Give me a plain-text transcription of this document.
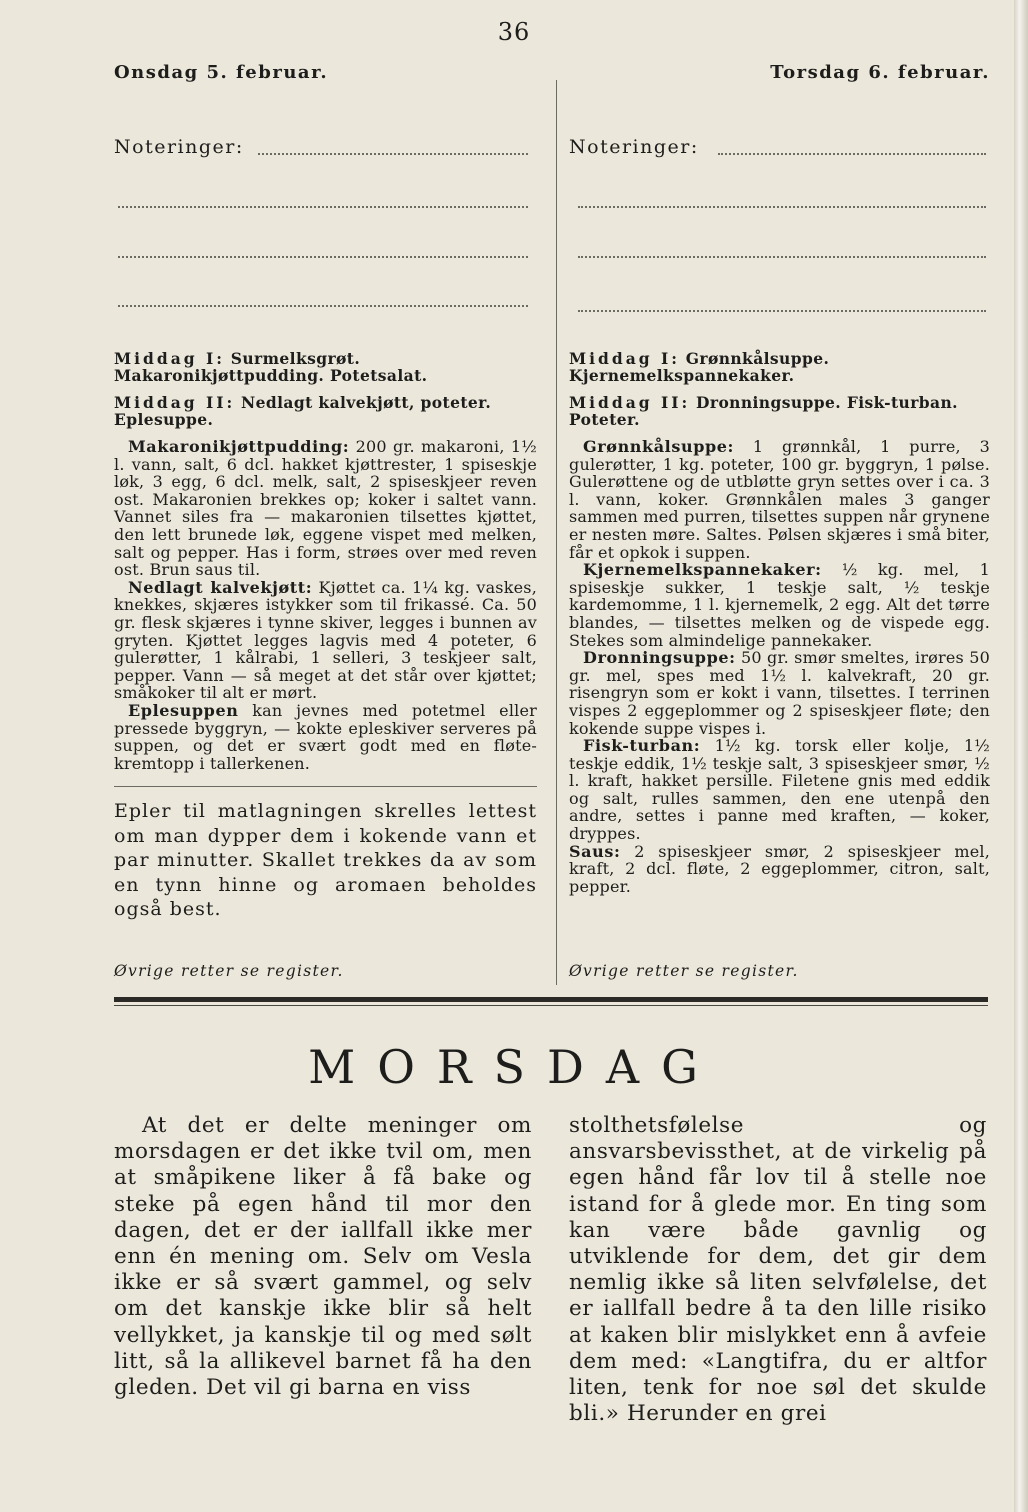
36
Onsdag 5. februar.	Torsdag 6. februar.
Noteringer:	Noteringer:

Middag I: Surmelksgrøt. Makaronikjøttpudding. Potetsalat.

Middag II: Nedlagt kalvekjøtt, poteter. Eplesuppe.

Makaronikjøttpudding: 200 gr. makaroni, 1½ l. vann, salt, 6 dcl. hakket kjøttrester, 1 spiseskje løk, 3 egg, 6 dcl. melk, salt, 2 spiseskjeer reven ost. Makaronien brekkes op; koker i saltet vann. Vannet siles fra — makaronien tilsettes kjøttet, den lett brunede løk, eggene vispet med melken, salt og pepper. Has i form, strøes over med reven ost. Brun saus til.

Nedlagt kalvekjøtt: Kjøttet ca. 1¼ kg. vaskes, knekkes, skjæres istykker som til frikassé. Ca. 50 gr. flesk skjæres i tynne skiver, legges i bunnen av gryten. Kjøttet legges lagvis med 4 poteter, 6 gulerøtter, 1 kålrabi, 1 selleri, 3 teskjeer salt, pepper. Vann — så meget at det står over kjøttet; småkoker til alt er mørt.

Eplesuppen kan jevnes med potetmel eller pressede byggryn, — kokte epleskiver serveres på suppen, og det er svært godt med en fløte-kremtopp i tallerkenen.

Epler til matlagningen skrelles lettest om man dypper dem i kokende vann et par minutter. Skallet trekkes da av som en tynn hinne og aromaen beholdes også best.

Øvrige retter se register.

Middag I: Grønnkålsuppe. Kjernemelkspannekaker.

Middag II: Dronningsuppe. Fisk-turban. Poteter.

Grønnkålsuppe: 1 grønnkål, 1 purre, 3 gulerøtter, 1 kg. poteter, 100 gr. byggryn, 1 pølse. Gulerøttene og de utbløtte gryn settes over i ca. 3 l. vann, koker. Grønnkålen males 3 ganger sammen med purren, tilsettes suppen når grynene er nesten møre. Saltes. Pølsen skjæres i små biter, får et opkok i suppen.

Kjernemelkspannekaker: ½ kg. mel, 1 spiseskje sukker, 1 teskje salt, ½ teskje kardemomme, 1 l. kjernemelk, 2 egg. Alt det tørre blandes, — tilsettes melken og de vispede egg. Stekes som almindelige pannekaker.

Dronningsuppe: 50 gr. smør smeltes, irøres 50 gr. mel, spes med 1½ l. kalvekraft, 20 gr. risengryn som er kokt i vann, tilsettes. I terrinen vispes 2 eggeplommer og 2 spiseskjeer fløte; den kokende suppe vispes i.

Fisk-turban: 1½ kg. torsk eller kolje, 1½ teskje eddik, 1½ teskje salt, 3 spiseskjeer smør, ½ l. kraft, hakket persille. Filetene gnis med eddik og salt, rulles sammen, den ene utenpå den andre, settes i panne med kraften, — koker, dryppes.

Saus: 2 spiseskjeer smør, 2 spiseskjeer mel, kraft, 2 dcl. fløte, 2 eggeplommer, citron, salt, pepper.

Øvrige retter se register.
MORSDAG

At det er delte meninger om morsdagen er det ikke tvil om, men at småpikene liker å få bake og steke på egen hånd til mor den dagen, det er der iallfall ikke mer enn én mening om. Selv om Vesla ikke er så svært gammel, og selv om det kanskje ikke blir så helt vellykket, ja kanskje til og med sølt litt, så la allikevel barnet få ha den gleden. Det vil gi barna en viss

stolthetsfølelse og ansvarsbevissthet, at de virkelig på egen hånd får lov til å stelle noe istand for å glede mor. En ting som kan være både gavnlig og utviklende for dem, det gir dem nemlig ikke så liten selvfølelse, det er iallfall bedre å ta den lille risiko at kaken blir mislykket enn å avfeie dem med: «Langtifra, du er altfor liten, tenk for noe søl det skulde bli.» Herunder en grei
